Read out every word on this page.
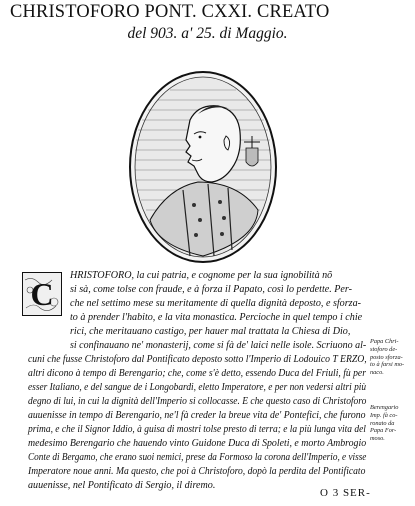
CHRISTOFORO PONT. CXXI. CREATO
del 903. a' 25. di Maggio.
C
HRISTOFORO, la cui patria, e cognome per la sua ignobilità nõ
si sà, come tolse con fraude, e à forza il Papato, così lo perdette. Per-
che nel settimo mese su meritamente di quella dignità deposto, e sforza-
to à prender l'habito, e la vita monastica. Percioche in quel tempo i chie
rici, che meritauano castigo, per hauer mal trattata la Chiesa di Dio,
si confinauano ne' monasterij, come si fà de' laici nelle isole. Scriuono al-
cuni che fusse Christoforo dal Pontificato deposto sotto l'Imperio di Lodouico T ERZO,
altri dicono à tempo di Berengario; che, come s'è detto, essendo Duca del Friuli, fù per
esser Italiano, e del sangue de i Longobardi, eletto Imperatore, e per non vedersi altri più
degno di lui, in cui la dignità dell'Imperio si collocasse. E che questo caso di Christoforo
auuenisse in tempo di Berengario, ne'l fà creder la breue vita de' Pontefici, che furono
prima, e che il Signor Iddio, à guisa di mostri tolse presto di terra; e la più lunga vita del
medesimo Berengario che hauendo vinto Guidone Duca di Spoleti, e morto Ambrogio
Conte di Bergamo, che erano suoi nemici, prese da Formoso la corona dell'Imperio, e visse
Imperatore noue anni. Ma questo, che poi à Christoforo, dopò la perdita del Pontificato
auuenisse, nel Pontificato di Sergio, il diremo.
Papa Chri-
stoforo de-
posto sforza-
to à farsi mo-
naco.
Berengario
Imp. fà co-
ronato da
Papa For-
moso.
O 3 SER-
